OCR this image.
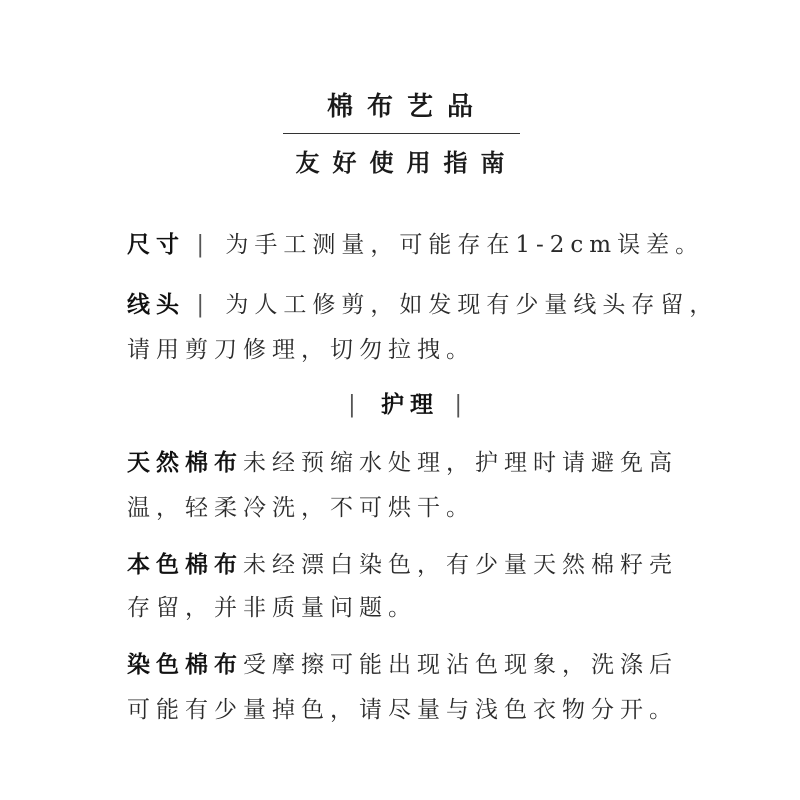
棉布艺品
友好使用指南
尺寸 | 为手工测量，可能存在1-2cm误差。
线头 | 为人工修剪，如发现有少量线头存留，
请用剪刀修理，切勿拉拽。
| 护理 |
天然棉布未经预缩水处理，护理时请避免高
温，轻柔冷洗，不可烘干。
本色棉布未经漂白染色，有少量天然棉籽壳
存留，并非质量问题。
染色棉布受摩擦可能出现沾色现象，洗涤后
可能有少量掉色，请尽量与浅色衣物分开。
